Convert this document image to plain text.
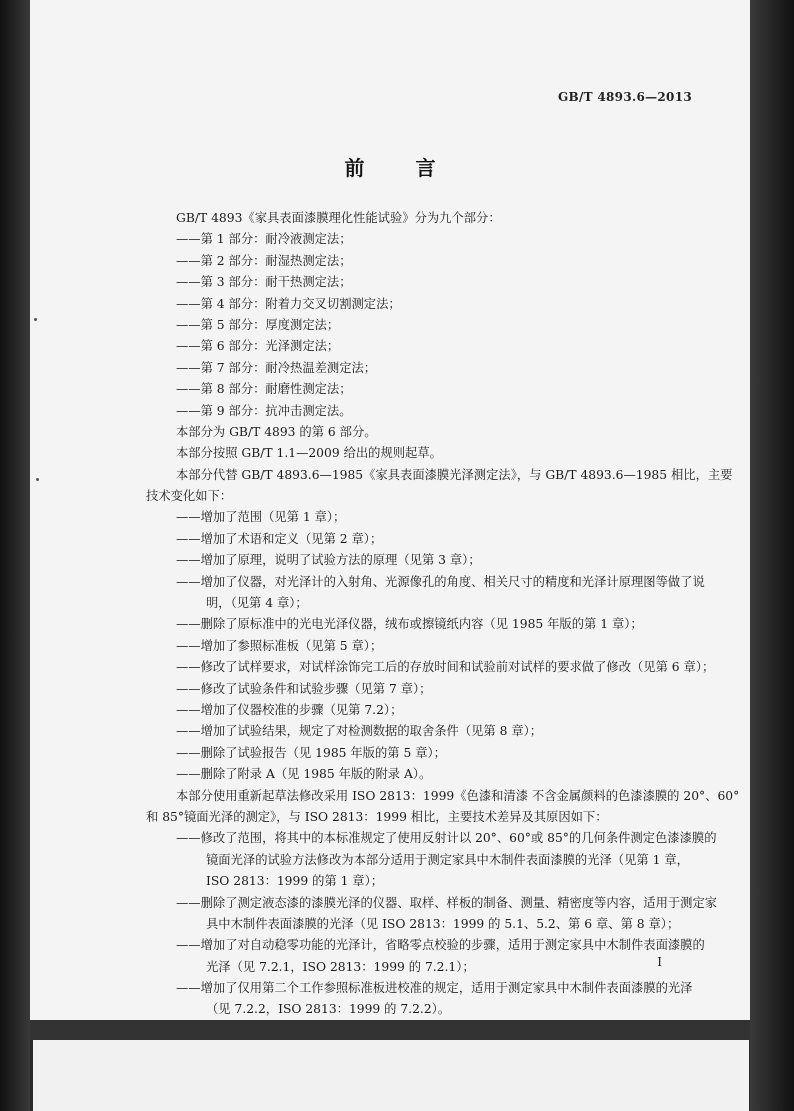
GB/T 4893.6—2013
前 言
GB/T 4893《家具表面漆膜理化性能试验》分为九个部分：
——第 1 部分：耐冷液测定法；
——第 2 部分：耐湿热测定法；
——第 3 部分：耐干热测定法；
——第 4 部分：附着力交叉切割测定法；
——第 5 部分：厚度测定法；
——第 6 部分：光泽测定法；
——第 7 部分：耐冷热温差测定法；
——第 8 部分：耐磨性测定法；
——第 9 部分：抗冲击测定法。
本部分为 GB/T 4893 的第 6 部分。
本部分按照 GB/T 1.1—2009 给出的规则起草。
本部分代替 GB/T 4893.6—1985《家具表面漆膜光泽测定法》，与 GB/T 4893.6—1985 相比，主要
技术变化如下：
——增加了范围（见第 1 章）；
——增加了术语和定义（见第 2 章）；
——增加了原理，说明了试验方法的原理（见第 3 章）；
——增加了仪器，对光泽计的入射角、光源像孔的角度、相关尺寸的精度和光泽计原理图等做了说
明，（见第 4 章）；
——删除了原标准中的光电光泽仪器，绒布或擦镜纸内容（见 1985 年版的第 1 章）；
——增加了参照标准板（见第 5 章）；
——修改了试样要求，对试样涂饰完工后的存放时间和试验前对试样的要求做了修改（见第 6 章）；
——修改了试验条件和试验步骤（见第 7 章）；
——增加了仪器校准的步骤（见第 7.2）；
——增加了试验结果，规定了对检测数据的取舍条件（见第 8 章）；
——删除了试验报告（见 1985 年版的第 5 章）；
——删除了附录 A（见 1985 年版的附录 A）。
本部分使用重新起草法修改采用 ISO 2813：1999《色漆和清漆 不含金属颜料的色漆漆膜的 20°、60°
和 85°镜面光泽的测定》，与 ISO 2813：1999 相比，主要技术差异及其原因如下：
——修改了范围，将其中的本标准规定了使用反射计以 20°、60°或 85°的几何条件测定色漆漆膜的
镜面光泽的试验方法修改为本部分适用于测定家具中木制件表面漆膜的光泽（见第 1 章，
ISO 2813：1999 的第 1 章）；
——删除了测定液态漆的漆膜光泽的仪器、取样、样板的制备、测量、精密度等内容，适用于测定家
具中木制件表面漆膜的光泽（见 ISO 2813：1999 的 5.1、5.2、第 6 章、第 8 章）；
——增加了对自动稳零功能的光泽计，省略零点校验的步骤，适用于测定家具中木制件表面漆膜的
光泽（见 7.2.1，ISO 2813：1999 的 7.2.1）；
——增加了仅用第二个工作参照标准板进校准的规定，适用于测定家具中木制件表面漆膜的光泽
（见 7.2.2，ISO 2813：1999 的 7.2.2）。
I
